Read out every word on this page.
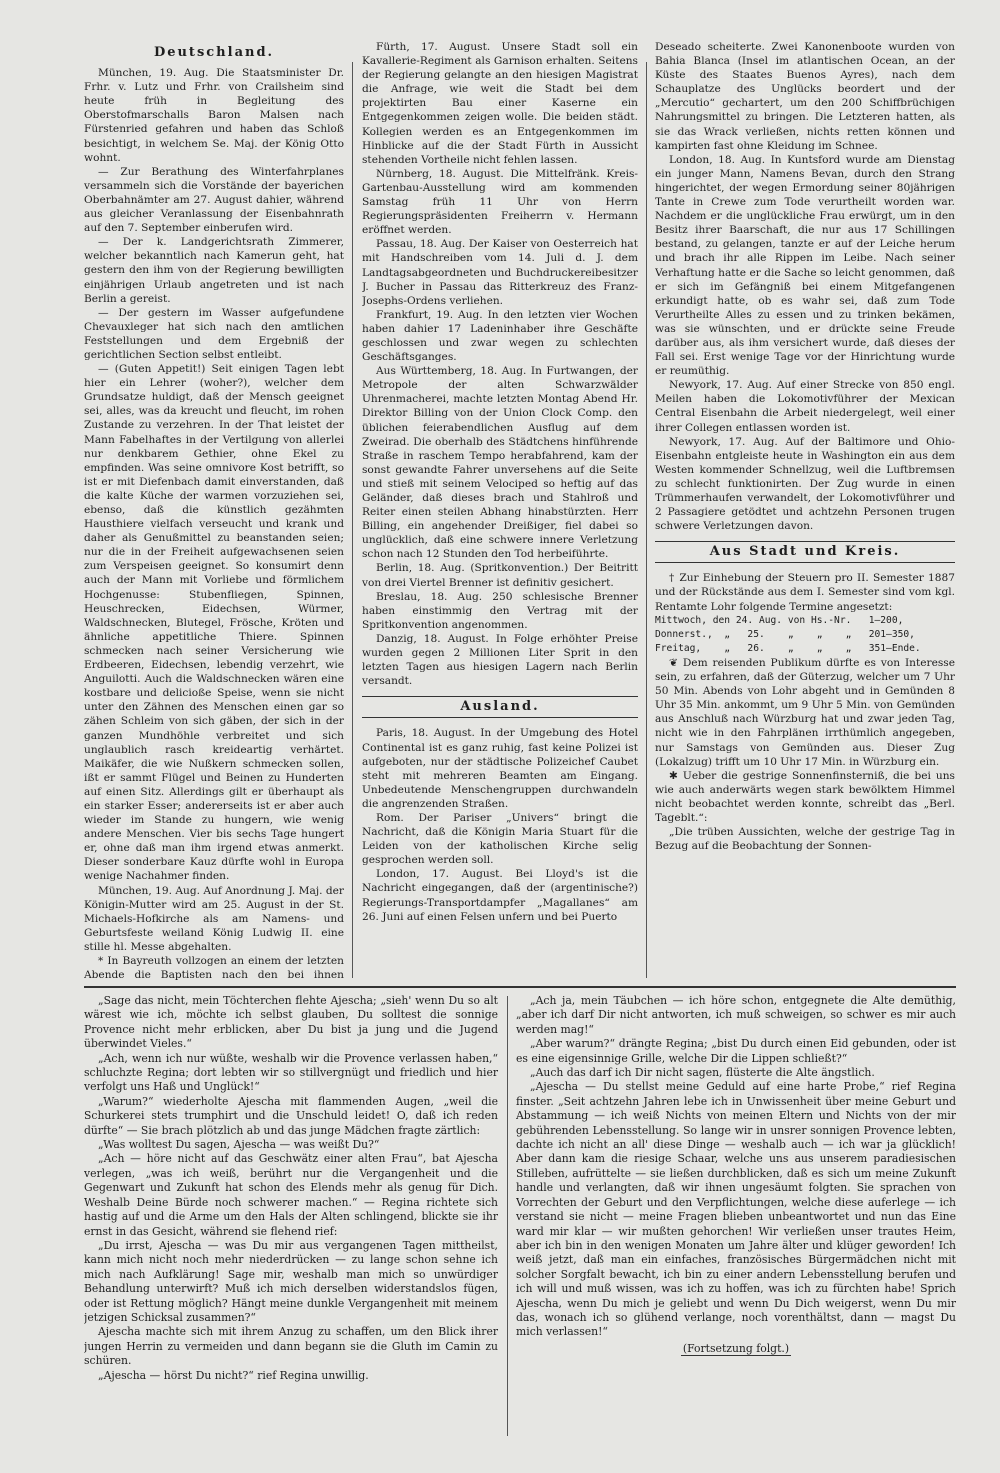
Deutschland.

München, 19. Aug. Die Staatsminister Dr. Frhr. v. Lutz und Frhr. von Crailsheim sind heute früh in Begleitung des Oberstofmarschalls Baron Malsen nach Fürstenried gefahren und haben das Schloß besichtigt, in welchem Se. Maj. der König Otto wohnt.

— Zur Berathung des Winterfahrplanes versammeln sich die Vorstände der bayerichen Oberbahnämter am 27. August dahier, während aus gleicher Veranlassung der Eisenbahnrath auf den 7. September einberufen wird.

— Der k. Landgerichtsrath Zimmerer, welcher bekanntlich nach Kamerun geht, hat gestern den ihm von der Regierung bewilligten einjährigen Urlaub angetreten und ist nach Berlin a gereist.

— Der gestern im Wasser aufgefundene Chevauxleger hat sich nach den amtlichen Feststellungen und dem Ergebniß der gerichtlichen Section selbst entleibt.

— (Guten Appetit!) Seit einigen Tagen lebt hier ein Lehrer (woher?), welcher dem Grundsatze huldigt, daß der Mensch geeignet sei, alles, was da kreucht und fleucht, im rohen Zustande zu verzehren. In der That leistet der Mann Fabelhaftes in der Vertilgung von allerlei nur denkbarem Gethier, ohne Ekel zu empfinden. Was seine omnivore Kost betrifft, so ist er mit Diefenbach damit einverstanden, daß die kalte Küche der warmen vorzuziehen sei, ebenso, daß die künstlich gezähmten Hausthiere vielfach verseucht und krank und daher als Genußmittel zu beanstanden seien; nur die in der Freiheit aufgewachsenen seien zum Verspeisen geeignet. So konsumirt denn auch der Mann mit Vorliebe und förmlichem Hochgenusse: Stubenfliegen, Spinnen, Heuschrecken, Eidechsen, Würmer, Waldschnecken, Blutegel, Frösche, Kröten und ähnliche appetitliche Thiere. Spinnen schmecken nach seiner Versicherung wie Erdbeeren, Eidechsen, lebendig verzehrt, wie Anguilotti. Auch die Waldschnecken wären eine kostbare und delicioße Speise, wenn sie nicht unter den Zähnen des Menschen einen gar so zähen Schleim von sich gäben, der sich in der ganzen Mundhöhle verbreitet und sich unglaublich rasch kreideartig verhärtet. Maikäfer, die wie Nußkern schmecken sollen, ißt er sammt Flügel und Beinen zu Hunderten auf einen Sitz. Allerdings gilt er überhaupt als ein starker Esser; andererseits ist er aber auch wieder im Stande zu hungern, wie wenig andere Menschen. Vier bis sechs Tage hungert er, ohne daß man ihm irgend etwas anmerkt. Dieser sonderbare Kauz dürfte wohl in Europa wenige Nachahmer finden.

München, 19. Aug. Auf Anordnung J. Maj. der Königin-Mutter wird am 25. August in der St. Michaels-Hofkirche als am Namens- und Geburtsfeste weiland König Ludwig II. eine stille hl. Messe abgehalten.

* In Bayreuth vollzogen an einem der letzten Abende die Baptisten nach den bei ihnen

Fürth, 17. August. Unsere Stadt soll ein Kavallerie-Regiment als Garnison erhalten. Seitens der Regierung gelangte an den hiesigen Magistrat die Anfrage, wie weit die Stadt bei dem projektirten Bau einer Kaserne ein Entgegenkommen zeigen wolle. Die beiden städt. Kollegien werden es an Entgegenkommen im Hinblicke auf die der Stadt Fürth in Aussicht stehenden Vortheile nicht fehlen lassen.

Nürnberg, 18. August. Die Mittelfränk. Kreis-Gartenbau-Ausstellung wird am kommenden Samstag früh 11 Uhr von Herrn Regierungspräsidenten Freiherrn v. Hermann eröffnet werden.

Passau, 18. Aug. Der Kaiser von Oesterreich hat mit Handschreiben vom 14. Juli d. J. dem Landtagsabgeordneten und Buchdruckereibesitzer J. Bucher in Passau das Ritterkreuz des Franz-Josephs-Ordens verliehen.

Frankfurt, 19. Aug. In den letzten vier Wochen haben dahier 17 Ladeninhaber ihre Geschäfte geschlossen und zwar wegen zu schlechten Geschäftsganges.

Aus Württemberg, 18. Aug. In Furtwangen, der Metropole der alten Schwarzwälder Uhrenmacherei, machte letzten Montag Abend Hr. Direktor Billing von der Union Clock Comp. den üblichen feierabendlichen Ausflug auf dem Zweirad. Die oberhalb des Städtchens hinführende Straße in raschem Tempo herabfahrend, kam der sonst gewandte Fahrer unversehens auf die Seite und stieß mit seinem Velociped so heftig auf das Geländer, daß dieses brach und Stahlroß und Reiter einen steilen Abhang hinabstürzten. Herr Billing, ein angehender Dreißiger, fiel dabei so unglücklich, daß eine schwere innere Verletzung schon nach 12 Stunden den Tod herbeiführte.

Berlin, 18. Aug. (Spritkonvention.) Der Beitritt von drei Viertel Brenner ist definitiv gesichert.

Breslau, 18. Aug. 250 schlesische Brenner haben einstimmig den Vertrag mit der Spritkonvention angenommen.

Danzig, 18. August. In Folge erhöhter Preise wurden gegen 2 Millionen Liter Sprit in den letzten Tagen aus hiesigen Lagern nach Berlin versandt.

Ausland.

Paris, 18. August. In der Umgebung des Hotel Continental ist es ganz ruhig, fast keine Polizei ist aufgeboten, nur der städtische Polizeichef Caubet steht mit mehreren Beamten am Eingang. Unbedeutende Menschengruppen durchwandeln die angrenzenden Straßen.

Rom. Der Pariser „Univers“ bringt die Nachricht, daß die Königin Maria Stuart für die Leiden von der katholischen Kirche selig gesprochen werden soll.

London, 17. August. Bei Lloyd's ist die Nachricht eingegangen, daß der (argentinische?) Regierungs-Transportdampfer „Magallanes“ am 26. Juni auf einen Felsen unfern und bei Puerto

Deseado scheiterte. Zwei Kanonenboote wurden von Bahia Blanca (Insel im atlantischen Ocean, an der Küste des Staates Buenos Ayres), nach dem Schauplatze des Unglücks beordert und der „Mercutio“ gechartert, um den 200 Schiffbrüchigen Nahrungsmittel zu bringen. Die Letzteren hatten, als sie das Wrack verließen, nichts retten können und kampirten fast ohne Kleidung im Schnee.

London, 18. Aug. In Kuntsford wurde am Dienstag ein junger Mann, Namens Bevan, durch den Strang hingerichtet, der wegen Ermordung seiner 80jährigen Tante in Crewe zum Tode verurtheilt worden war. Nachdem er die unglückliche Frau erwürgt, um in den Besitz ihrer Baarschaft, die nur aus 17 Schillingen bestand, zu gelangen, tanzte er auf der Leiche herum und brach ihr alle Rippen im Leibe. Nach seiner Verhaftung hatte er die Sache so leicht genommen, daß er sich im Gefängniß bei einem Mitgefangenen erkundigt hatte, ob es wahr sei, daß zum Tode Verurtheilte Alles zu essen und zu trinken bekämen, was sie wünschten, und er drückte seine Freude darüber aus, als ihm versichert wurde, daß dieses der Fall sei. Erst wenige Tage vor der Hinrichtung wurde er reumüthig.

Newyork, 17. Aug. Auf einer Strecke von 850 engl. Meilen haben die Lokomotivführer der Mexican Central Eisenbahn die Arbeit niedergelegt, weil einer ihrer Collegen entlassen worden ist.

Newyork, 17. Aug. Auf der Baltimore und Ohio-Eisenbahn entgleiste heute in Washington ein aus dem Westen kommender Schnellzug, weil die Luftbremsen zu schlecht funktionirten. Der Zug wurde in einen Trümmerhaufen verwandelt, der Lokomotivführer und 2 Passagiere getödtet und achtzehn Personen trugen schwere Verletzungen davon.

Aus Stadt und Kreis.

† Zur Einhebung der Steuern pro II. Semester 1887 und der Rückstände aus dem I. Semester sind vom kgl. Rentamte Lohr folgende Termine angesetzt:

Mittwoch, den 24. Aug. von Hs.-Nr.   1—200,

Donnerst.,  „   25.    „    „    „   201—350,

Freitag,    „   26.    „    „    „   351—Ende.

❦ Dem reisenden Publikum dürfte es von Interesse sein, zu erfahren, daß der Güterzug, welcher um 7 Uhr 50 Min. Abends von Lohr abgeht und in Gemünden 8 Uhr 35 Min. ankommt, um 9 Uhr 5 Min. von Gemünden aus Anschluß nach Würzburg hat und zwar jeden Tag, nicht wie in den Fahrplänen irrthümlich angegeben, nur Samstags von Gemünden aus. Dieser Zug (Lokalzug) trifft um 10 Uhr 17 Min. in Würzburg ein.

✱ Ueber die gestrige Sonnenfinsterniß, die bei uns wie auch anderwärts wegen stark bewölktem Himmel nicht beobachtet werden konnte, schreibt das „Berl. Tageblt.“:

„Die trüben Aussichten, welche der gestrige Tag in Bezug auf die Beobachtung der Sonnen-

„Sage das nicht, mein Töchterchen flehte Ajescha; „sieh' wenn Du so alt wärest wie ich, möchte ich selbst glauben, Du solltest die sonnige Provence nicht mehr erblicken, aber Du bist ja jung und die Jugend überwindet Vieles.“

„Ach, wenn ich nur wüßte, weshalb wir die Provence verlassen haben,“ schluchzte Regina; dort lebten wir so stillvergnügt und friedlich und hier verfolgt uns Haß und Unglück!“

„Warum?“ wiederholte Ajescha mit flammenden Augen, „weil die Schurkerei stets trumphirt und die Unschuld leidet! O, daß ich reden dürfte“ — Sie brach plötzlich ab und das junge Mädchen fragte zärtlich:

„Was wolltest Du sagen, Ajescha — was weißt Du?“

„Ach — höre nicht auf das Geschwätz einer alten Frau“, bat Ajescha verlegen, „was ich weiß, berührt nur die Vergangenheit und die Gegenwart und Zukunft hat schon des Elends mehr als genug für Dich. Weshalb Deine Bürde noch schwerer machen.“ — Regina richtete sich hastig auf und die Arme um den Hals der Alten schlingend, blickte sie ihr ernst in das Gesicht, während sie flehend rief:

„Du irrst, Ajescha — was Du mir aus vergangenen Tagen mittheilst, kann mich nicht noch mehr niederdrücken — zu lange schon sehne ich mich nach Aufklärung! Sage mir, weshalb man mich so unwürdiger Behandlung unterwirft? Muß ich mich derselben widerstandslos fügen, oder ist Rettung möglich? Hängt meine dunkle Vergangenheit mit meinem jetzigen Schicksal zusammen?“

Ajescha machte sich mit ihrem Anzug zu schaffen, um den Blick ihrer jungen Herrin zu vermeiden und dann begann sie die Gluth im Camin zu schüren.

„Ajescha — hörst Du nicht?“ rief Regina unwillig.

„Ach ja, mein Täubchen — ich höre schon, entgegnete die Alte demüthig, „aber ich darf Dir nicht antworten, ich muß schweigen, so schwer es mir auch werden mag!“

„Aber warum?“ drängte Regina; „bist Du durch einen Eid gebunden, oder ist es eine eigensinnige Grille, welche Dir die Lippen schließt?“

„Auch das darf ich Dir nicht sagen, flüsterte die Alte ängstlich.

„Ajescha — Du stellst meine Geduld auf eine harte Probe,“ rief Regina finster. „Seit achtzehn Jahren lebe ich in Unwissenheit über meine Geburt und Abstammung — ich weiß Nichts von meinen Eltern und Nichts von der mir gebührenden Lebensstellung. So lange wir in unsrer sonnigen Provence lebten, dachte ich nicht an all' diese Dinge — weshalb auch — ich war ja glücklich! Aber dann kam die riesige Schaar, welche uns aus unserem paradiesischen Stilleben, aufrüttelte — sie ließen durchblicken, daß es sich um meine Zukunft handle und verlangten, daß wir ihnen ungesäumt folgten. Sie sprachen von Vorrechten der Geburt und den Verpflichtungen, welche diese auferlege — ich verstand sie nicht — meine Fragen blieben unbeantwortet und nun das Eine ward mir klar — wir mußten gehorchen! Wir verließen unser trautes Heim, aber ich bin in den wenigen Monaten um Jahre älter und klüger geworden! Ich weiß jetzt, daß man ein einfaches, französisches Bürgermädchen nicht mit solcher Sorgfalt bewacht, ich bin zu einer andern Lebensstellung berufen und ich will und muß wissen, was ich zu hoffen, was ich zu fürchten habe! Sprich Ajescha, wenn Du mich je geliebt und wenn Du Dich weigerst, wenn Du mir das, wonach ich so glühend verlange, noch vorenthältst, dann — magst Du mich verlassen!“

(Fortsetzung folgt.)
